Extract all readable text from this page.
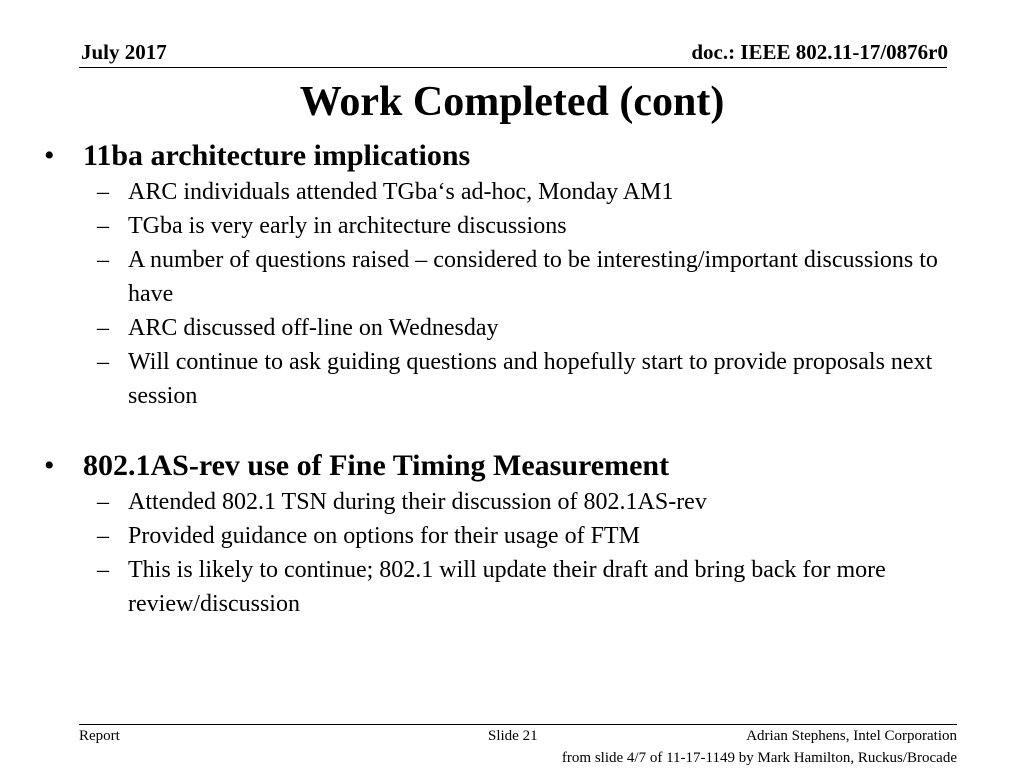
July 2017	doc.: IEEE 802.11-17/0876r0
Work Completed (cont)
• 11ba architecture implications
– ARC individuals attended TGba‘s ad-hoc, Monday AM1
– TGba is very early in architecture discussions
– A number of questions raised – considered to be interesting/important discussions to have
– ARC discussed off-line on Wednesday
– Will continue to ask guiding questions and hopefully start to provide proposals next session
• 802.1AS-rev use of Fine Timing Measurement
– Attended 802.1 TSN during their discussion of 802.1AS-rev
– Provided guidance on options for their usage of FTM
– This is likely to continue; 802.1 will update their draft and bring back for more review/discussion
Report	Slide 21	Adrian Stephens, Intel Corporation
from slide 4/7 of 11-17-1149 by Mark Hamilton, Ruckus/Brocade
